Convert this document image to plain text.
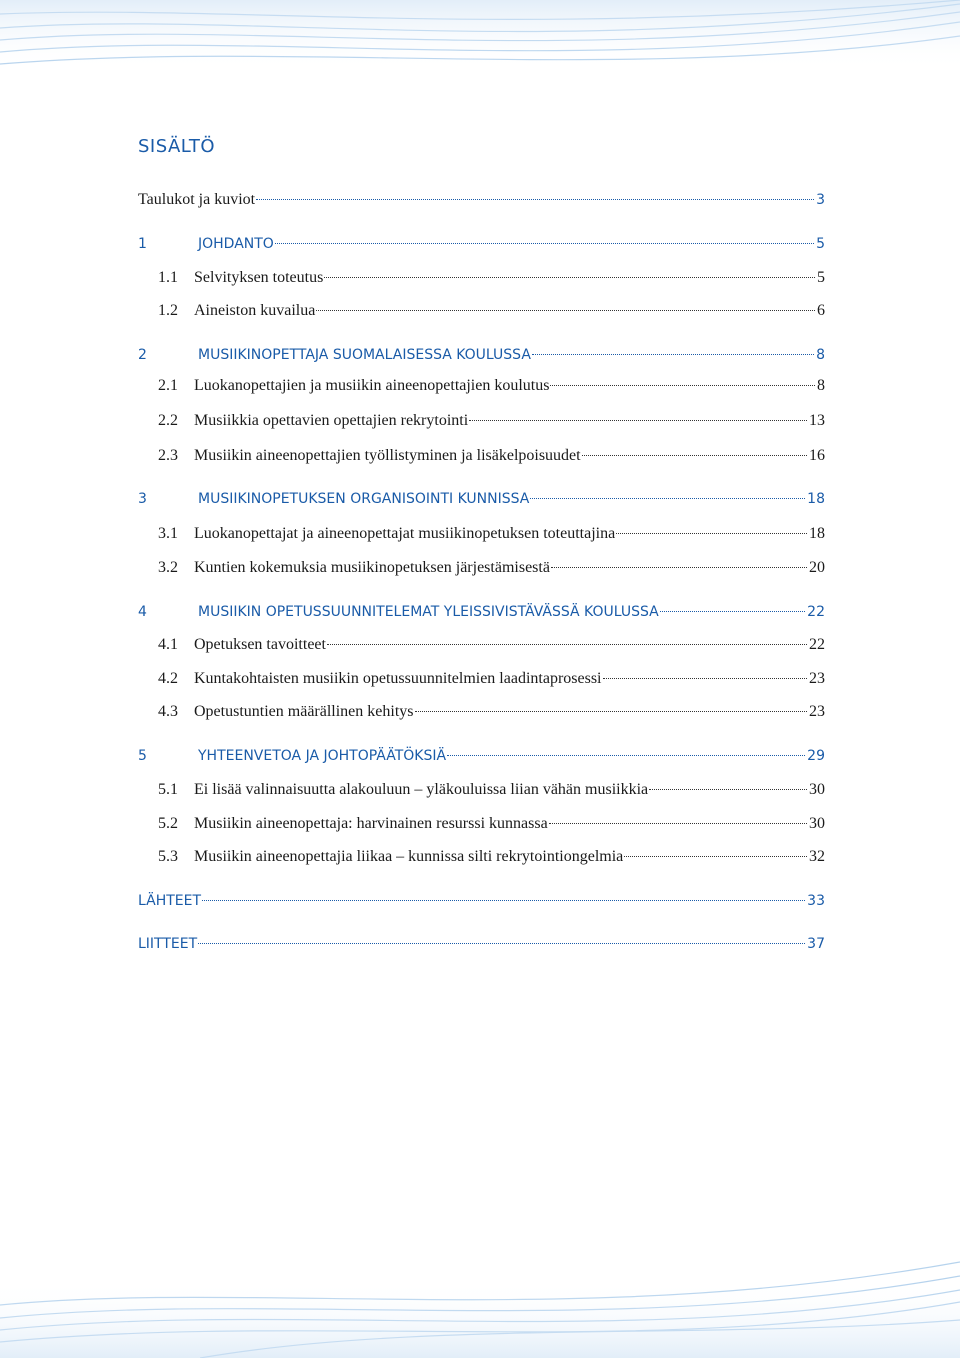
SISÄLTÖ
Taulukot ja kuviot	3
1	JOHDANTO	5
1.1	Selvityksen toteutus	5
1.2	Aineiston kuvailua	6
2	MUSIIKINOPETTAJA SUOMALAISESSA KOULUSSA	8
2.1	Luokanopettajien ja musiikin aineenopettajien koulutus	8
2.2	Musiikkia opettavien opettajien rekrytointi	13
2.3	Musiikin aineenopettajien työllistyminen ja lisäkelpoisuudet	16
3	MUSIIKINOPETUKSEN ORGANISOINTI KUNNISSA	18
3.1	Luokanopettajat ja aineenopettajat musiikinopetuksen toteuttajina	18
3.2	Kuntien kokemuksia musiikinopetuksen järjestämisestä	20
4	MUSIIKIN OPETUSSUUNNITELEMAT YLEISSIVISTÄVÄSSÄ KOULUSSA	22
4.1	Opetuksen tavoitteet	22
4.2	Kuntakohtaisten musiikin opetussuunnitelmien laadintaprosessi	23
4.3	Opetustuntien määrällinen kehitys	23
5	YHTEENVETOA JA JOHTOPÄÄTÖKSIÄ	29
5.1	Ei lisää valinnaisuutta alakouluun – yläkouluissa liian vähän musiikkia	30
5.2	Musiikin aineenopettaja: harvinainen resurssi kunnassa	30
5.3	Musiikin aineenopettajia liikaa – kunnissa silti rekrytointiongelmia	32
LÄHTEET	33
LIITTEET	37
